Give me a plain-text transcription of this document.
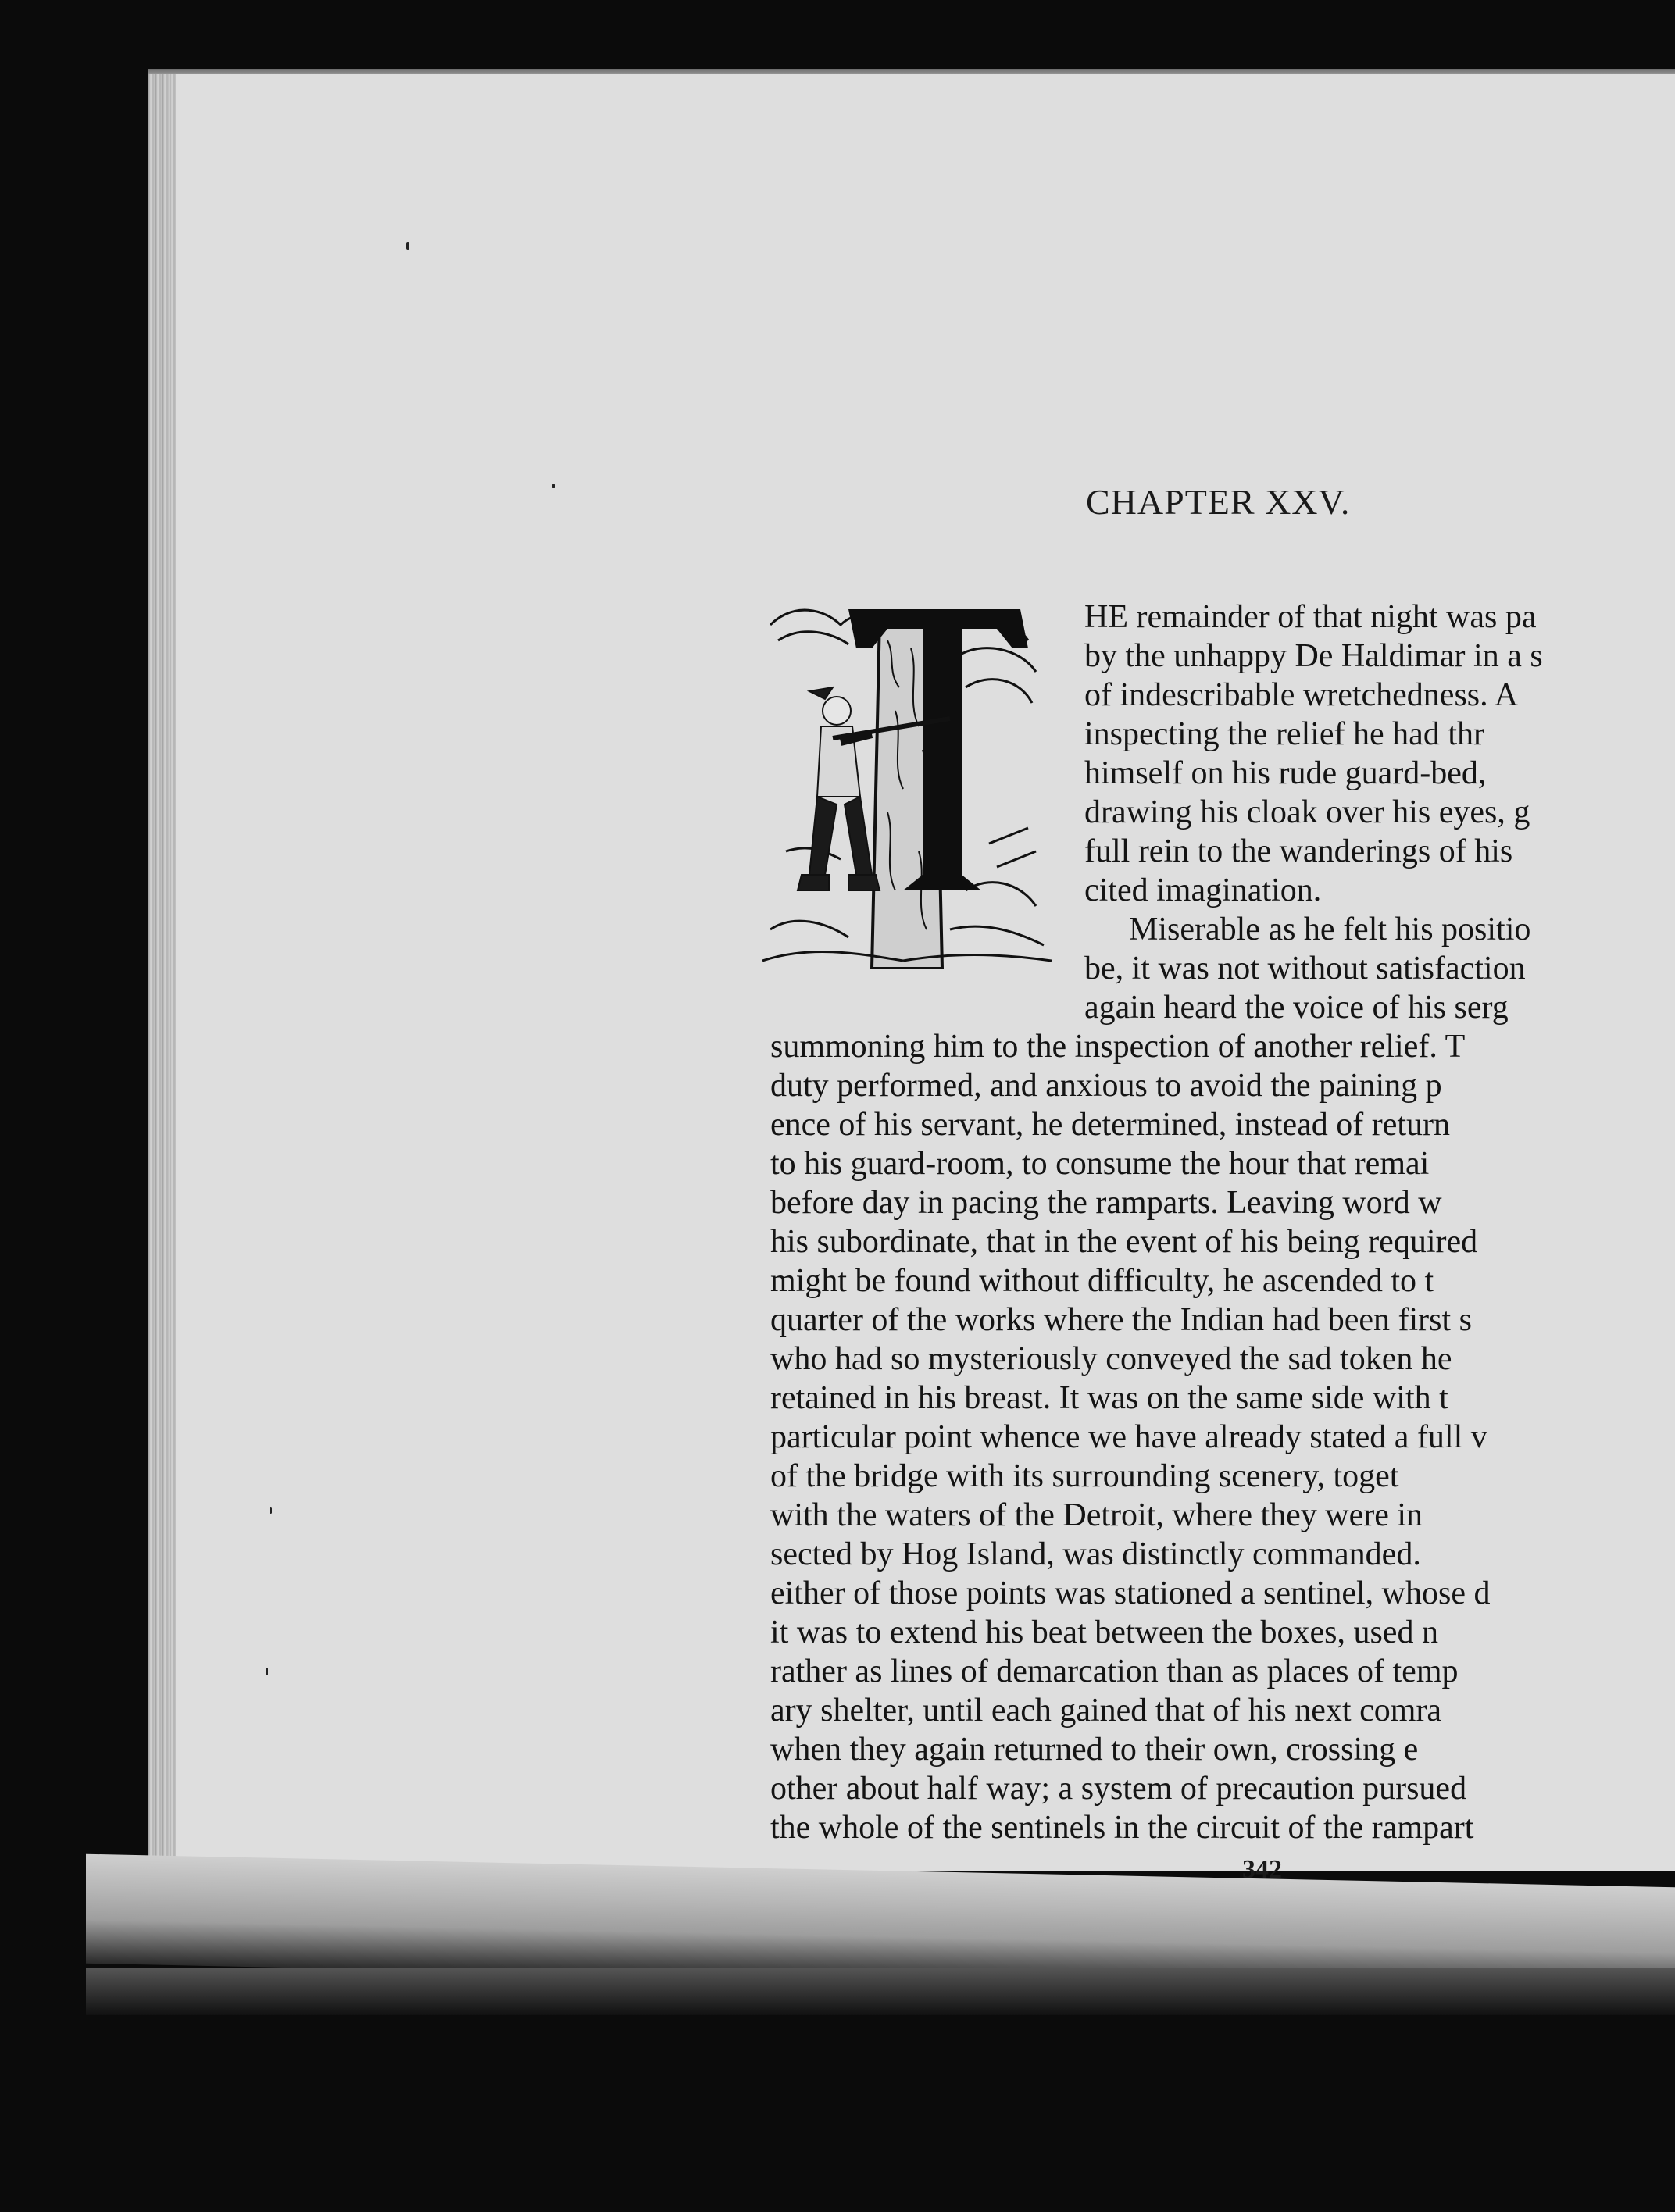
CHAPTER XXV.
HE remainder of that night was pa
by the unhappy De Haldimar in a s
of indescribable wretchedness. A
inspecting the relief he had thr
himself on his rude guard-bed,
drawing his cloak over his eyes, g
full rein to the wanderings of his
cited imagination.
Miserable as he felt his positio
be, it was not without satisfaction
again heard the voice of his serg
summoning him to the inspection of another relief. T
duty performed, and anxious to avoid the paining p
ence of his servant, he determined, instead of return
to his guard-room, to consume the hour that remai
before day in pacing the ramparts. Leaving word w
his subordinate, that in the event of his being required
might be found without difficulty, he ascended to t
quarter of the works where the Indian had been first s
who had so mysteriously conveyed the sad token he
retained in his breast. It was on the same side with t
particular point whence we have already stated a full v
of the bridge with its surrounding scenery, toget
with the waters of the Detroit, where they were in
sected by Hog Island, was distinctly commanded.
either of those points was stationed a sentinel, whose d
it was to extend his beat between the boxes, used n
rather as lines of demarcation than as places of temp
ary shelter, until each gained that of his next comra
when they again returned to their own, crossing e
other about half way; a system of precaution pursued
the whole of the sentinels in the circuit of the rampart
342
